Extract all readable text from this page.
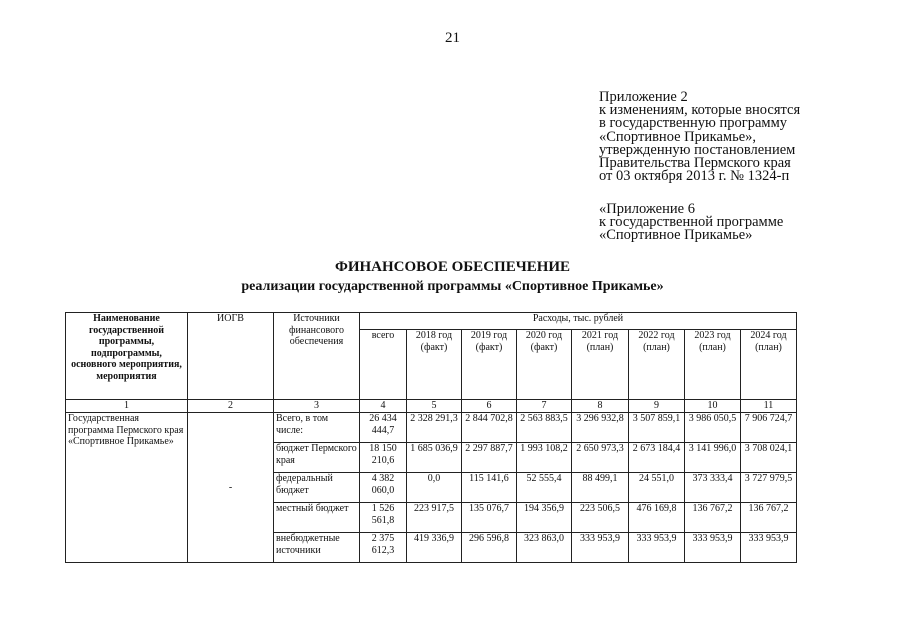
21
Приложение 2
к изменениям, которые вносятся
в государственную программу
«Спортивное Прикамье»,
утвержденную постановлением
Правительства Пермского края
от 03 октября 2013 г. № 1324-п
«Приложение 6
к государственной программе
«Спортивное Прикамье»
ФИНАНСОВОЕ ОБЕСПЕЧЕНИЕ
реализации государственной программы «Спортивное Прикамье»
Наименование государственной программы, подпрограммы, основного мероприятия, мероприятия	ИОГВ	Источники финансового обеспечения	Расходы, тыс. рублей							
			всего	2018 год (факт)	2019 год (факт)	2020 год (факт)	2021 год (план)	2022 год (план)	2023 год (план)	2024 год (план)
1	2	3	4	5	6	7	8	9	10	11
Государственная программа Пермского края «Спортивное Прикамье»	-	Всего, в том числе:	26 434 444,7	2 328 291,3	2 844 702,8	2 563 883,5	3 296 932,8	3 507 859,1	3 986 050,5	7 906 724,7
		бюджет Пермского края	18 150 210,6	1 685 036,9	2 297 887,7	1 993 108,2	2 650 973,3	2 673 184,4	3 141 996,0	3 708 024,1
		федеральный бюджет	4 382 060,0	0,0	115 141,6	52 555,4	88 499,1	24 551,0	373 333,4	3 727 979,5
		местный бюджет	1 526 561,8	223 917,5	135 076,7	194 356,9	223 506,5	476 169,8	136 767,2	136 767,2
		внебюджетные источники	2 375 612,3	419 336,9	296 596,8	323 863,0	333 953,9	333 953,9	333 953,9	333 953,9
